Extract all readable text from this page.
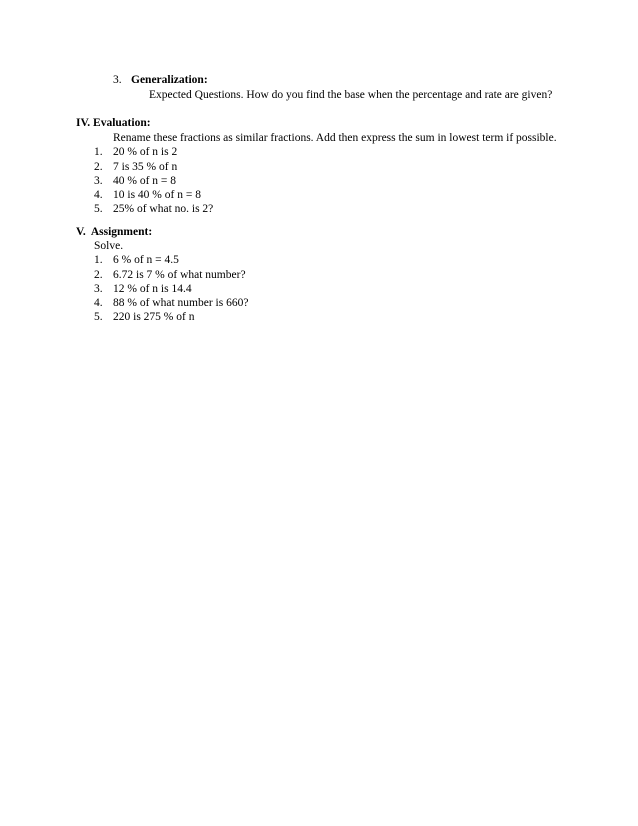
3. Generalization:
Expected Questions. How do you find the base when the percentage and rate are given?
IV. Evaluation:
Rename these fractions as similar fractions. Add then express the sum in lowest term if possible.
1. 20 % of n is 2
2. 7 is 35 % of n
3. 40 % of n = 8
4. 10 is 40 % of n = 8
5. 25% of what no. is 2?
V.  Assignment:
Solve.
1. 6 % of n = 4.5
2. 6.72 is 7 % of what number?
3. 12 % of n is 14.4
4. 88 % of what number is 660?
5. 220 is 275 % of n
